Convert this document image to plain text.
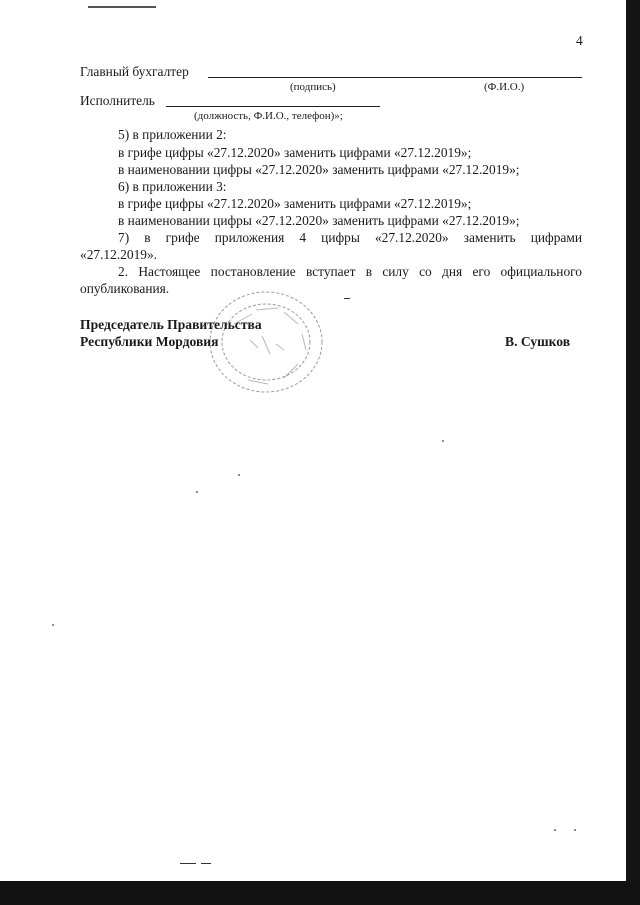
4
Главный бухгалтер
(подпись)	(Ф.И.О.)
Исполнитель
(должность, Ф.И.О., телефон)»;
5) в приложении 2:
в грифе цифры «27.12.2020» заменить цифрами «27.12.2019»;
в наименовании цифры «27.12.2020» заменить цифрами «27.12.2019»;
6) в приложении 3:
в грифе цифры «27.12.2020» заменить цифрами «27.12.2019»;
в наименовании цифры «27.12.2020» заменить цифрами «27.12.2019»;
7) в грифе приложения 4 цифры «27.12.2020» заменить цифрами
«27.12.2019».
2. Настоящее постановление вступает в силу со дня его официального
опубликования.
Председатель Правительства
Республики Мордовия	В. Сушков
